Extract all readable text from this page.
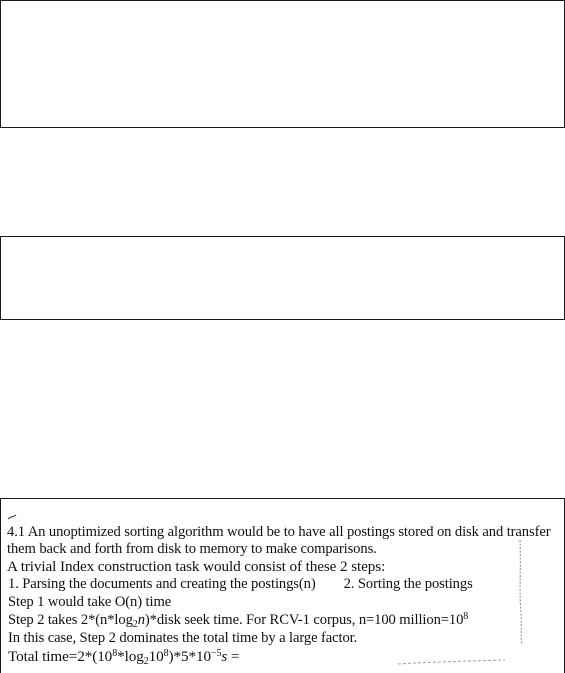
4.1 An unoptimized sorting algorithm would be to have all postings stored on disk and transfer
them back and forth from disk to memory to make comparisons.
A trivial Index construction task would consist of these 2 steps:
1. Parsing the documents and creating the postings(n) 2. Sorting the postings
Step 1 would take O(n) time
Step 2 takes $2*(n*\log_2n)*disk$ seek time. For RCV-1 corpus, n=100 $million=10^8$
In this case, Step 2 dominates the total time by a large factor.
Total $time=2*(10^8*\log_210^8)*5*10^{-5}s$ =
